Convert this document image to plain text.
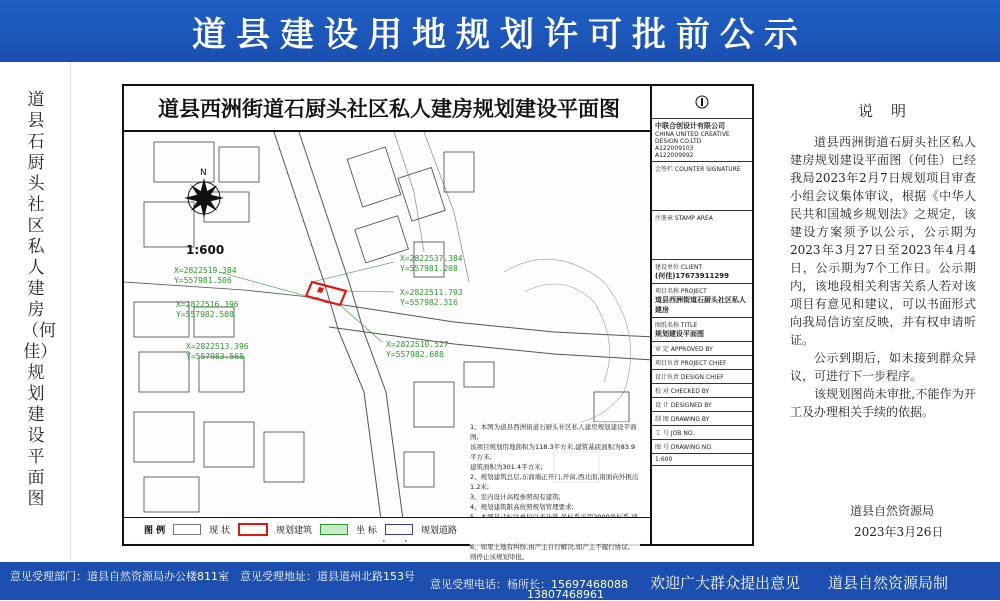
道县建设用地规划许可批前公示
道县石厨头社区私人建房（何佳）规划建设平面图
道县西洲街道石厨头社区私人建房规划建设平面图
N
1:600
X=2822537.384
Y=557981.208
X=2822519.384
Y=557981.506
X=2822511.793
Y=557982.316
X=2822516.396
Y=557982.508
X=2822510.527
Y=557982.688
X=2822513.396
Y=557983.568
1、本图为道县西洲街道石厨头社区私人建房规划建设平面图,
该项目规划用地面积为118.3平方米,建筑基底面积为83.9平方米,
建筑面积为301.4平方米;
2、规划建筑总层,东面墙正开门,开窗,西北面,南面向外挑出1.2米;
3、室内设计高程参照现有建筑;
4、规划建筑限高按照规划管理要求;
6、如果土地有纠纷,由产主自行解决,如产主不履行协议,
则停止该规划审批。
图 例	现 状	规划建筑	坐 标	规划道路
中联合创设计有限公司
CHINA UNITED CREATIVE DESIGN CO.LTD
A122009103
A122009992
会签栏 COUNTER SIGNATURE
注册章 STAMP AREA
建设单位 CLIENT
(何佳)17673911299
项目名称 PROJECT
道县西洲街道石厨头社区私人建房
图纸名称 TITLE
规划建设平面图
审 定 APPROVED BY
项目负责 PROJECT CHIEF
设计负责 DESIGN CHIEF
校 对 CHECKED BY
设 计 DESIGNED BY
制 图 DRAWING BY
工 号 JOB NO.
图 号 DRAWING NO.
1:600
说明

道县西洲街道石厨头社区私人建房规划建设平面图（何佳）已经我局2023年2月7日规划项目审查小组会议集体审议，根据《中华人民共和国城乡规划法》之规定，该建设方案须予以公示，公示期为2023年3月27日至2023年4月4日，公示期为7个工作日。公示期内，该地段相关利害关系人若对该项目有意见和建议，可以书面形式向我局信访室反映，并有权申请听证。

公示到期后，如未接到群众异议，可进行下一步程序。

该规划图尚未审批,不能作为开工及办理相关手续的依据。

道县自然资源局
2023年3月26日
意见受理部门：道县自然资源局办公楼811室 意见受理地址：道县道州北路153号
意见受理电话：杨所长：15697468088
13807468961
欢迎广大群众提出意见 道县自然资源局制
